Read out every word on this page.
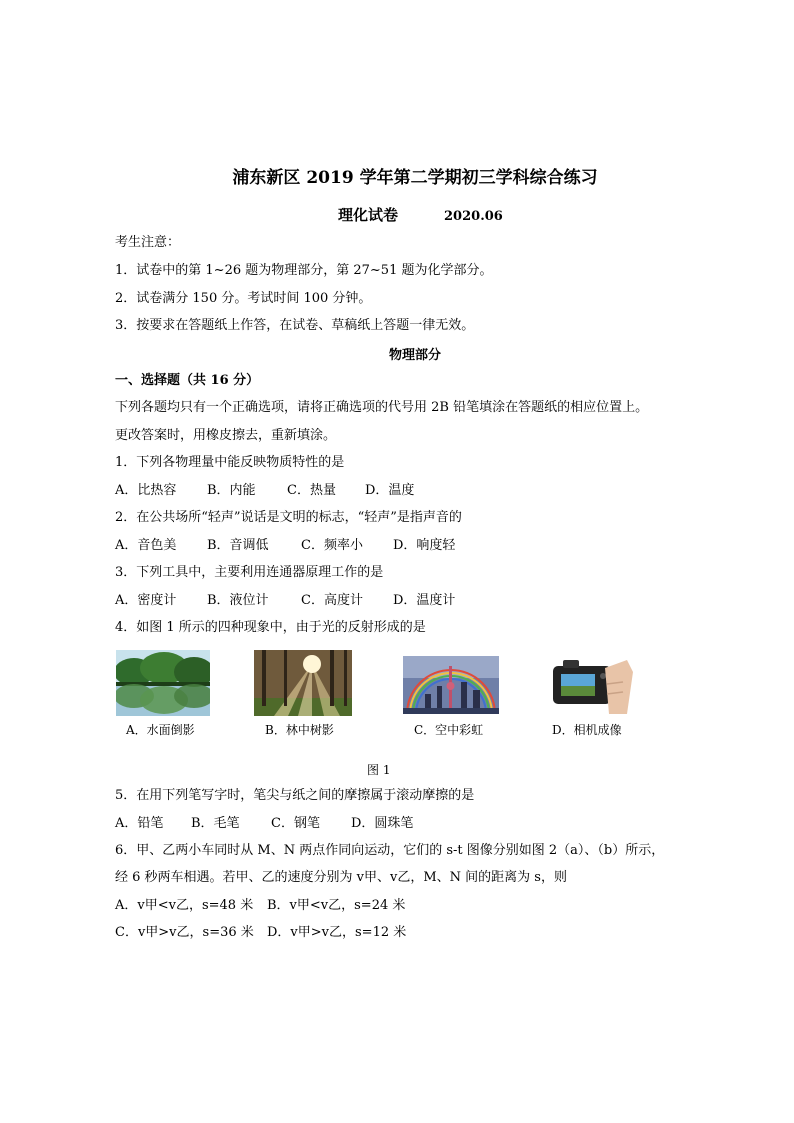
浦东新区 2019 学年第二学期初三学科综合练习
理化试卷	2020.06
考生注意：
1．试卷中的第 1~26 题为物理部分，第 27~51 题为化学部分。
2．试卷满分 150 分。考试时间 100 分钟。
3．按要求在答题纸上作答，在试卷、草稿纸上答题一律无效。
物理部分
一、选择题（共 16 分）
下列各题均只有一个正确选项，请将正确选项的代号用 2B 铅笔填涂在答题纸的相应位置上。
更改答案时，用橡皮擦去，重新填涂。
1．下列各物理量中能反映物质特性的是
A．比热容 B．内能 C．热量 D．温度
2．在公共场所“轻声”说话是文明的标志，“轻声”是指声音的
A．音色美 B．音调低 C．频率小 D．响度轻
3．下列工具中，主要利用连通器原理工作的是
A．密度计 B．液位计 C．高度计 D．温度计
4．如图 1 所示的四种现象中，由于光的反射形成的是
A．水面倒影	B．林中树影	C．空中彩虹	D．相机成像
图 1
5．在用下列笔写字时，笔尖与纸之间的摩擦属于滚动摩擦的是
A．铅笔 B．毛笔 C．钢笔 D．圆珠笔
6．甲、乙两小车同时从 M、N 两点作同向运动，它们的 s-t 图像分别如图 2（a）、（b）所示，
经 6 秒两车相遇。若甲、乙的速度分别为 v甲、v乙，M、N 间的距离为 s，则
A．v甲<v乙，s=48 米 B．v甲<v乙，s=24 米
C．v甲>v乙，s=36 米 D．v甲>v乙，s=12 米
